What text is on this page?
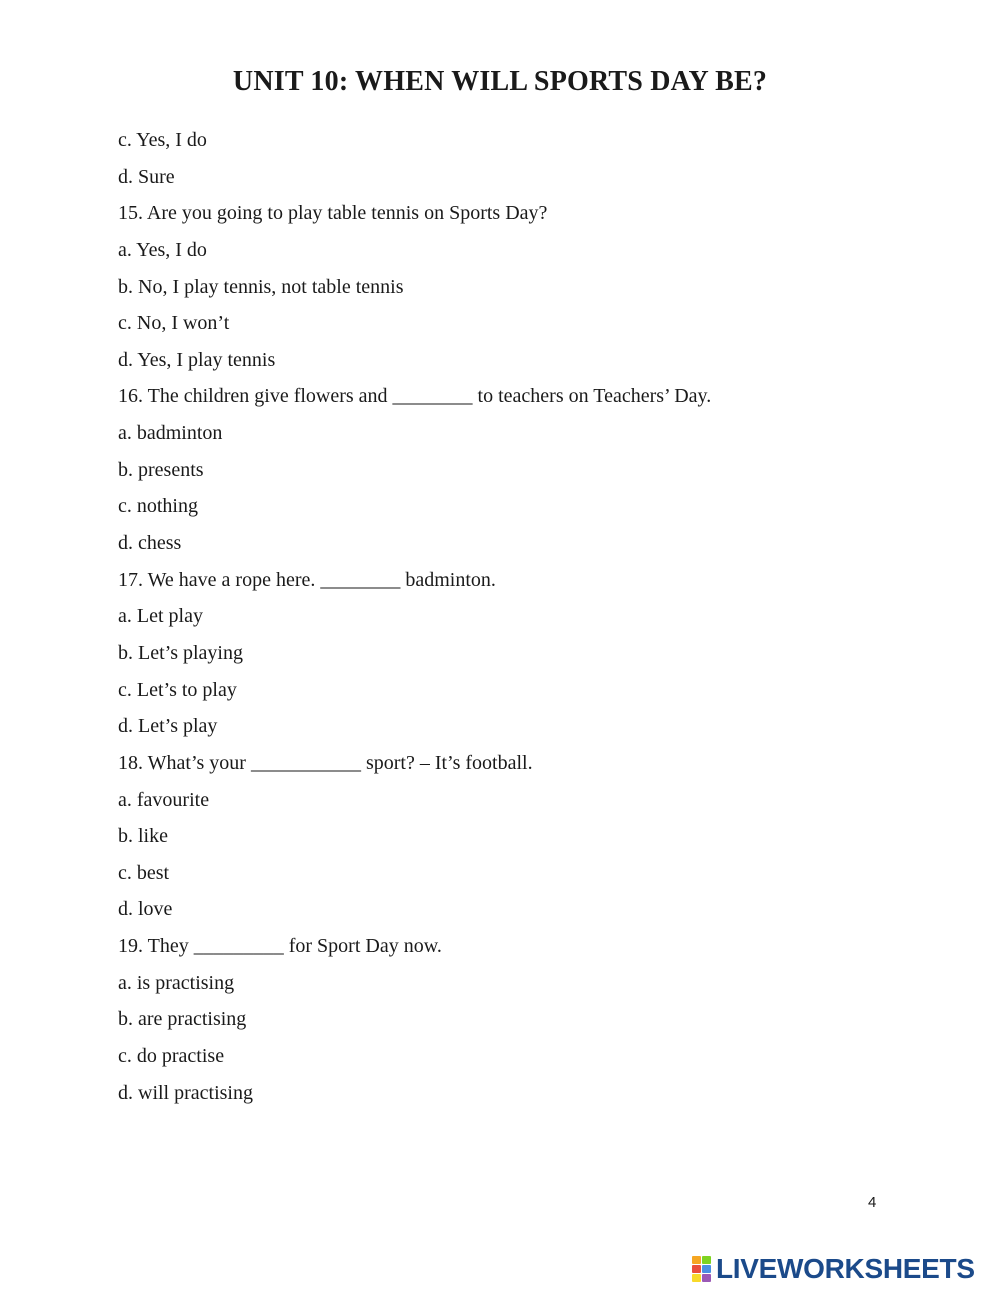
UNIT 10: WHEN WILL SPORTS DAY BE?
c. Yes, I do
d. Sure
15. Are you going to play table tennis on Sports Day?
a. Yes, I do
b. No, I play tennis, not table tennis
c. No, I won’t
d. Yes, I play tennis
16. The children give flowers and ________ to teachers on Teachers’ Day.
a. badminton
b. presents
c. nothing
d. chess
17. We have a rope here. ________ badminton.
a. Let play
b. Let’s playing
c. Let’s to play
d. Let’s play
18. What’s your ___________ sport? – It’s football.
a. favourite
b. like
c. best
d. love
19. They _________ for Sport Day now.
a. is practising
b. are practising
c. do practise
d. will practising
4
LIVEWORKSHEETS
